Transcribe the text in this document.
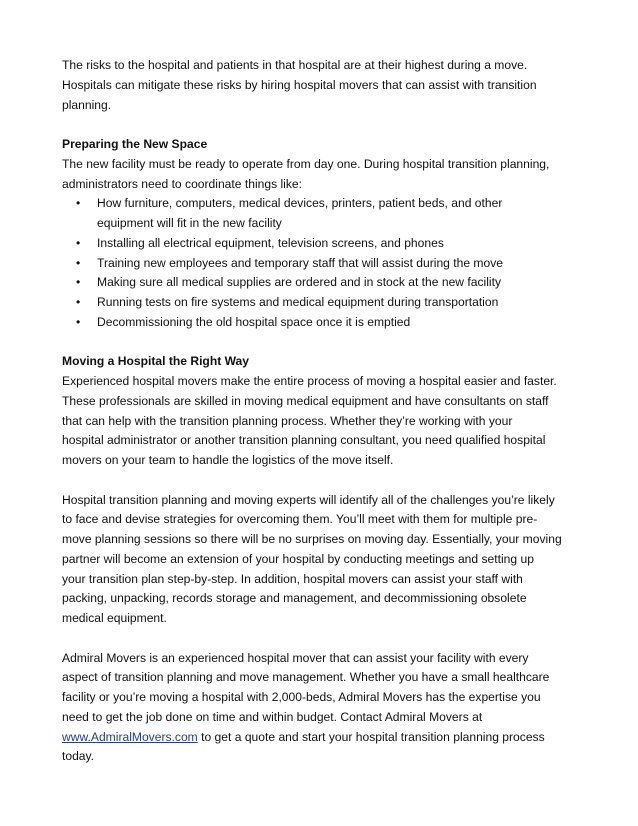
The risks to the hospital and patients in that hospital are at their highest during a move.
Hospitals can mitigate these risks by hiring hospital movers that can assist with transition
planning.
Preparing the New Space
The new facility must be ready to operate from day one. During hospital transition planning,
administrators need to coordinate things like:
• How furniture, computers, medical devices, printers, patient beds, and other
equipment will fit in the new facility
• Installing all electrical equipment, television screens, and phones
• Training new employees and temporary staff that will assist during the move
• Making sure all medical supplies are ordered and in stock at the new facility
• Running tests on fire systems and medical equipment during transportation
• Decommissioning the old hospital space once it is emptied
Moving a Hospital the Right Way
Experienced hospital movers make the entire process of moving a hospital easier and faster.
These professionals are skilled in moving medical equipment and have consultants on staff
that can help with the transition planning process. Whether they’re working with your
hospital administrator or another transition planning consultant, you need qualified hospital
movers on your team to handle the logistics of the move itself.
Hospital transition planning and moving experts will identify all of the challenges you’re likely
to face and devise strategies for overcoming them. You’ll meet with them for multiple pre-
move planning sessions so there will be no surprises on moving day. Essentially, your moving
partner will become an extension of your hospital by conducting meetings and setting up
your transition plan step-by-step. In addition, hospital movers can assist your staff with
packing, unpacking, records storage and management, and decommissioning obsolete
medical equipment.
Admiral Movers is an experienced hospital mover that can assist your facility with every
aspect of transition planning and move management. Whether you have a small healthcare
facility or you’re moving a hospital with 2,000-beds, Admiral Movers has the expertise you
need to get the job done on time and within budget. Contact Admiral Movers at
www.AdmiralMovers.com to get a quote and start your hospital transition planning process
today.
